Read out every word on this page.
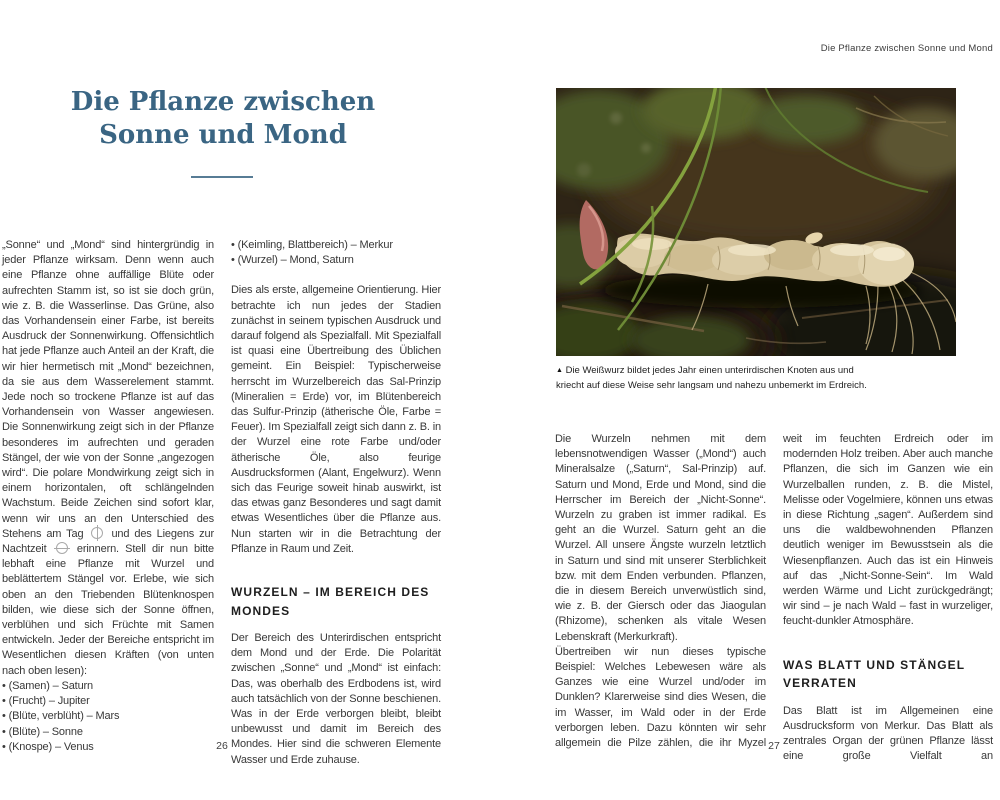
Die Pflanze zwischen
Sonne und Mond

„Sonne“ und „Mond“ sind hintergründig in jeder Pflanze wirksam. Denn wenn auch eine Pflanze ohne auffällige Blüte oder aufrechten Stamm ist, so ist sie doch grün, wie z. B. die Wasserlinse. Das Grüne, also das Vorhandensein einer Farbe, ist bereits Ausdruck der Sonnenwirkung. Offensichtlich hat jede Pflanze auch Anteil an der Kraft, die wir hier hermetisch mit „Mond“ bezeichnen, da sie aus dem Wasserelement stammt. Jede noch so trockene Pflanze ist auf das Vorhandensein von Wasser angewiesen. Die Sonnenwirkung zeigt sich in der Pflanze besonderes im aufrechten und geraden Stängel, der wie von der Sonne „angezogen wird“. Die polare Mondwirkung zeigt sich in einem horizontalen, oft schlängelnden Wachstum. Beide Zeichen sind sofort klar, wenn wir uns an den Unterschied des Stehens am Tag	und des Liegens zur Nachtzeit	erinnern. Stell dir nun bitte lebhaft eine Pflanze mit Wurzel und beblättertem Stängel vor. Erlebe, wie sich oben an den Triebenden Blütenknospen bilden, wie diese sich der Sonne öffnen, verblühen und sich Früchte mit Samen entwickeln. Jeder der Bereiche entspricht im Wesentlichen diesen Kräften (von unten nach oben lesen):

• (Samen) – Saturn
• (Frucht) – Jupiter
• (Blüte, verblüht) – Mars
• (Blüte) – Sonne
• (Knospe) – Venus
• (Keimling, Blattbereich) – Merkur
• (Wurzel) – Mond, Saturn

Dies als erste, allgemeine Orientierung. Hier betrachte ich nun jedes der Stadien zunächst in seinem typischen Ausdruck und darauf folgend als Spezialfall. Mit Spezialfall ist quasi eine Übertreibung des Üblichen gemeint. Ein Beispiel: Typischerweise herrscht im Wurzelbereich das Sal-Prinzip (Mineralien = Erde) vor, im Blütenbereich das Sulfur-Prinzip (ätherische Öle, Farbe = Feuer). Im Spezialfall zeigt sich dann z. B. in der Wurzel eine rote Farbe und/oder ätherische Öle, also feurige Ausdrucksformen (Alant, Engelwurz). Wenn sich das Feurige soweit hinab auswirkt, ist das etwas ganz Besonderes und sagt damit etwas Wesentliches über die Pflanze aus. Nun starten wir in die Betrachtung der Pflanze in Raum und Zeit.

WURZELN – IM BEREICH DES MONDES

Der Bereich des Unterirdischen entspricht dem Mond und der Erde. Die Polarität zwischen „Sonne“ und „Mond“ ist einfach: Das, was oberhalb des Erdbodens ist, wird auch tatsächlich von der Sonne beschienen. Was in der Erde verborgen bleibt, bleibt unbewusst und damit im Bereich des Mondes. Hier sind die schweren Elemente Wasser und Erde zuhause.

26
Die Pflanze zwischen Sonne und Mond
▲ Die Weißwurz bildet jedes Jahr einen unterirdischen Knoten aus und
kriecht auf diese Weise sehr langsam und nahezu unbemerkt im Erdreich.

Die Wurzeln nehmen mit dem lebensnotwendigen Wasser („Mond“) auch Mineralsalze („Saturn“, Sal-Prinzip) auf. Saturn und Mond, Erde und Mond, sind die Herrscher im Bereich der „Nicht-Sonne“. Wurzeln zu graben ist immer radikal. Es geht an die Wurzel. Saturn geht an die Wurzel. All unsere Ängste wurzeln letztlich in Saturn und sind mit unserer Sterblichkeit bzw. mit dem Enden verbunden. Pflanzen, die in diesem Bereich unverwüstlich sind, wie z. B. der Giersch oder das Jiaogulan (Rhizome), schenken als vitale Wesen Lebenskraft (Merkurkraft).

Übertreiben wir nun dieses typische Beispiel: Welches Lebewesen wäre als Ganzes wie eine Wurzel und/oder im Dunklen? Klarerweise sind dies Wesen, die im Wasser, im Wald oder in der Erde verborgen leben. Dazu könnten wir sehr allgemein die Pilze zählen, die ihr Myzel

weit im feuchten Erdreich oder im modernden Holz treiben. Aber auch manche Pflanzen, die sich im Ganzen wie ein Wurzelballen runden, z. B. die Mistel, Melisse oder Vogelmiere, können uns etwas in diese Richtung „sagen“. Außerdem sind uns die waldbewohnenden Pflanzen deutlich weniger im Bewusstsein als die Wiesenpflanzen. Auch das ist ein Hinweis auf das „Nicht-Sonne-Sein“. Im Wald werden Wärme und Licht zurückgedrängt; wir sind – je nach Wald – fast in wurzeliger, feucht-dunkler Atmosphäre.

WAS BLATT UND STÄNGEL VERRATEN

Das Blatt ist im Allgemeinen eine Ausdrucksform von Merkur. Das Blatt als zentrales Organ der grünen Pflanze lässt eine große Vielfalt an

27
